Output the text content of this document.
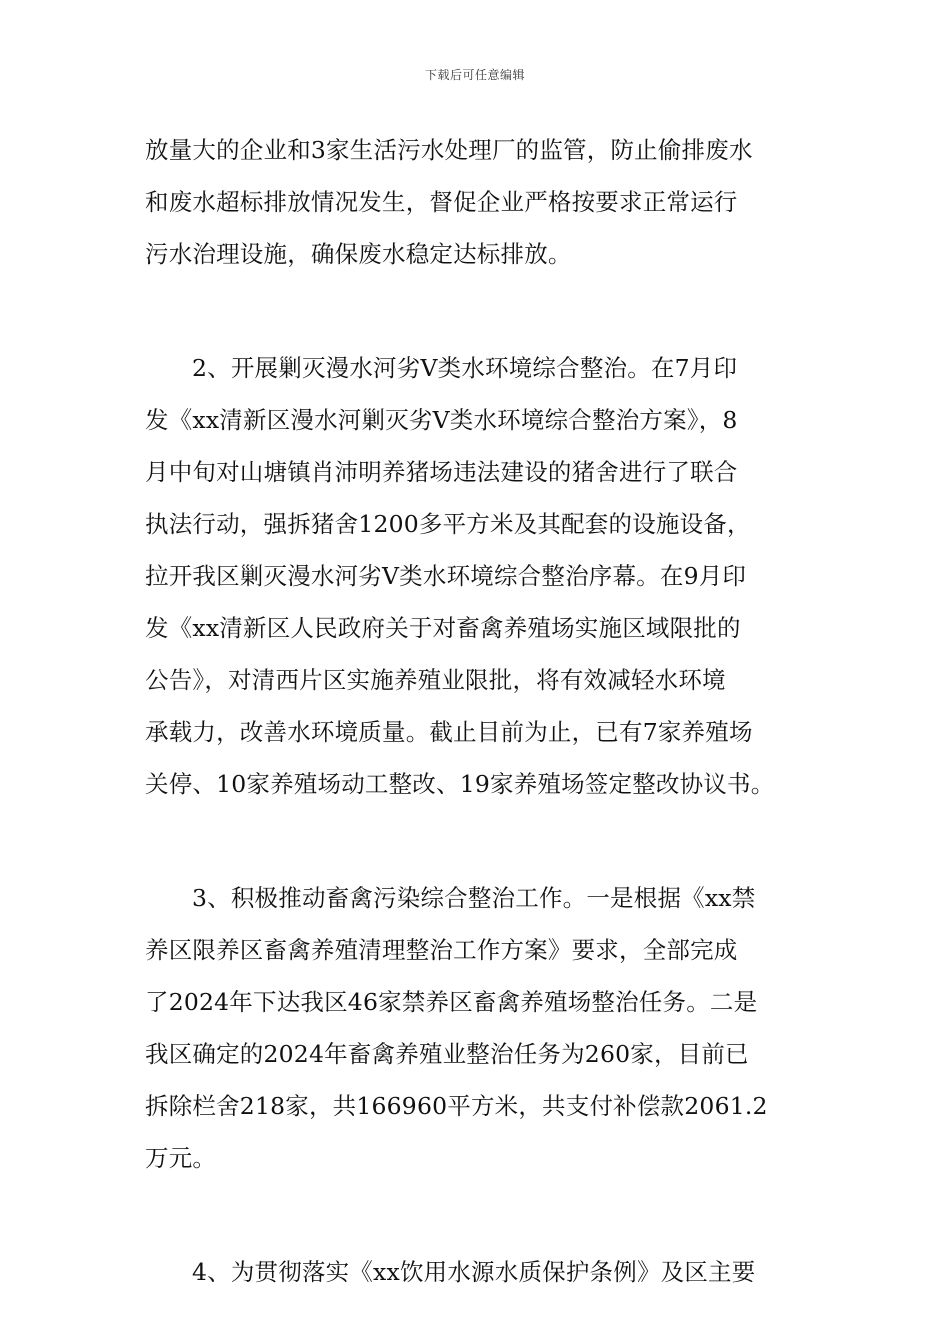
下载后可任意编辑
放量大的企业和3家生活污水处理厂的监管，防止偷排废水
和废水超标排放情况发生，督促企业严格按要求正常运行
污水治理设施，确保废水稳定达标排放。
2、开展剿灭漫水河劣Ⅴ类水环境综合整治。在7月印
发《xx清新区漫水河剿灭劣Ⅴ类水环境综合整治方案》，8
月中旬对山塘镇肖沛明养猪场违法建设的猪舍进行了联合
执法行动，强拆猪舍1200多平方米及其配套的设施设备，
拉开我区剿灭漫水河劣Ⅴ类水环境综合整治序幕。在9月印
发《xx清新区人民政府关于对畜禽养殖场实施区域限批的
公告》，对清西片区实施养殖业限批，将有效减轻水环境
承载力，改善水环境质量。截止目前为止，已有7家养殖场
关停、10家养殖场动工整改、19家养殖场签定整改协议书。
3、积极推动畜禽污染综合整治工作。一是根据《xx禁
养区限养区畜禽养殖清理整治工作方案》要求，全部完成
了2024年下达我区46家禁养区畜禽养殖场整治任务。二是
我区确定的2024年畜禽养殖业整治任务为260家，目前已
拆除栏舍218家，共166960平方米，共支付补偿款2061.2
万元。
4、为贯彻落实《xx饮用水源水质保护条例》及区主要
